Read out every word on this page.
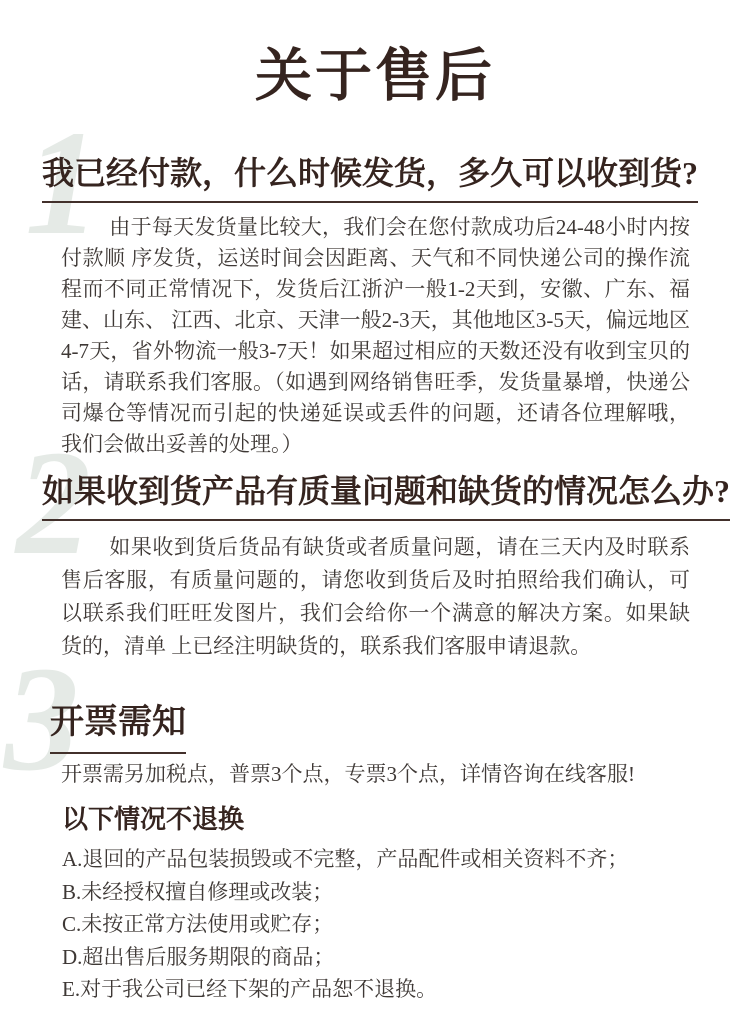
关于售后
1
我已经付款，什么时候发货，多久可以收到货?
由于每天发货量比较大，我们会在您付款成功后24-48小时内按付款顺 序发货，运送时间会因距离、天气和不同快递公司的操作流程而不同正常情况下，发货后江浙沪一般1-2天到，安徽、广东、福建、山东、 江西、北京、天津一般2-3天，其他地区3-5天，偏远地区4-7天，省外物流一般3-7天！如果超过相应的天数还没有收到宝贝的话，请联系我们客服。（如遇到网络销售旺季，发货量暴增，快递公司爆仓等情况而引起的快递延误或丢件的问题，还请各位理解哦，我们会做出妥善的处理。）
2
如果收到货产品有质量问题和缺货的情况怎么办?
如果收到货后货品有缺货或者质量问题，请在三天内及时联系售后客服，有质量问题的，请您收到货后及时拍照给我们确认，可以联系我们旺旺发图片，我们会给你一个满意的解决方案。如果缺货的，清单 上已经注明缺货的，联系我们客服申请退款。
3
开票需知
开票需另加税点，普票3个点，专票3个点，详情咨询在线客服!
以下情况不退换
A.退回的产品包装损毁或不完整，产品配件或相关资料不齐；
B.未经授权擅自修理或改装；
C.未按正常方法使用或贮存；
D.超出售后服务期限的商品；
E.对于我公司已经下架的产品恕不退换。
